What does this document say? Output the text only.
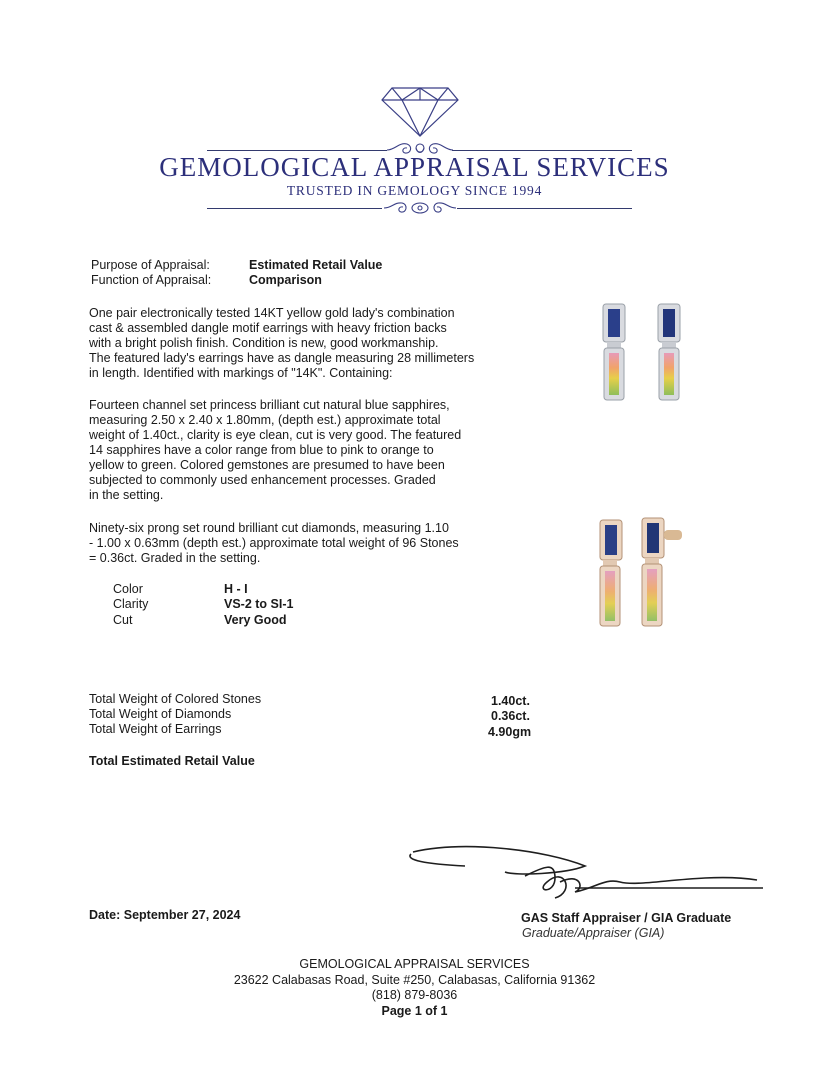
GEMOLOGICAL APPRAISAL SERVICES
TRUSTED IN GEMOLOGY SINCE 1994
Purpose of Appraisal:	Estimated Retail Value
Function of Appraisal:	Comparison
One pair electronically tested 14KT yellow gold lady's combination
cast & assembled dangle motif earrings with heavy friction backs
with a bright polish finish. Condition is new, good workmanship.
The featured lady's earrings have as dangle measuring 28 millimeters
in length. Identified with markings of "14K". Containing:
Fourteen channel set princess brilliant cut natural blue sapphires,
measuring 2.50 x 2.40 x 1.80mm, (depth est.) approximate total
weight of 1.40ct., clarity is eye clean, cut is very good. The featured
14 sapphires have a color range from blue to pink to orange to
yellow to green. Colored gemstones are presumed to have been
subjected to commonly used enhancement processes. Graded
in the setting.
Ninety-six prong set round brilliant cut diamonds, measuring 1.10
- 1.00 x 0.63mm (depth est.) approximate total weight of 96 Stones
= 0.36ct. Graded in the setting.
Color	H - I
Clarity	VS-2 to SI-1
Cut	Very Good
Total Weight of Colored Stones	1.40ct.
Total Weight of Diamonds	0.36ct.
Total Weight of Earrings	4.90gm
Total Estimated Retail Value
Date: September 27, 2024	GAS Staff Appraiser / GIA Graduate
Graduate/Appraiser (GIA)
GEMOLOGICAL APPRAISAL SERVICES
23622 Calabasas Road, Suite #250, Calabasas, California 91362
(818) 879-8036
Page 1 of 1
